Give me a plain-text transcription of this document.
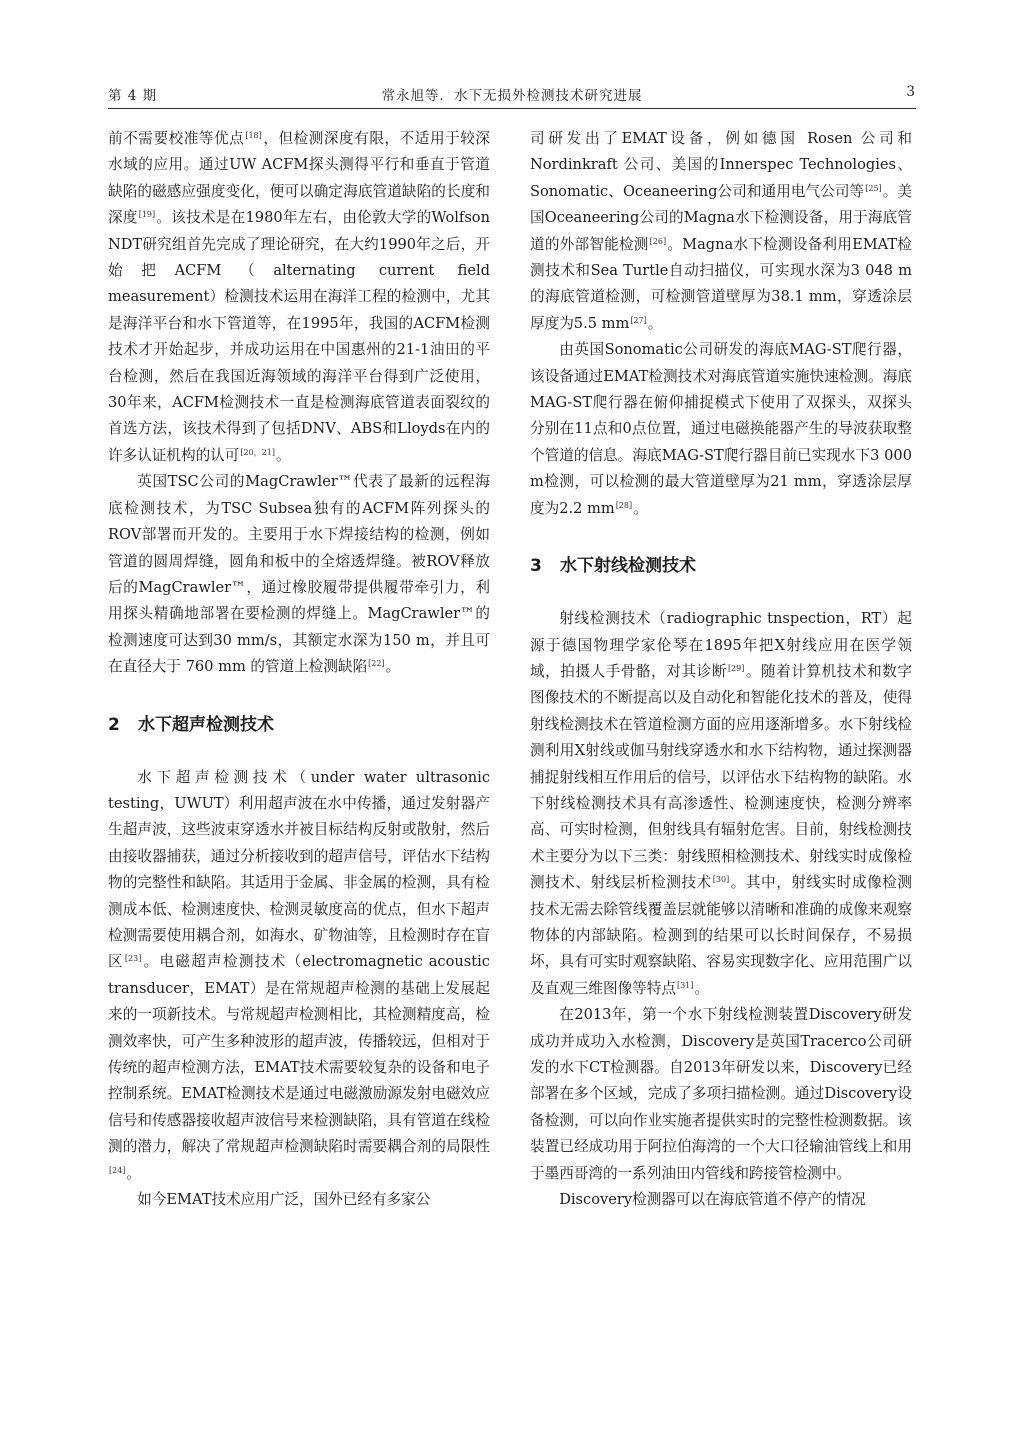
第 4 期	常永旭等．水下无损外检测技术研究进展	3

前不需要校准等优点[18]，但检测深度有限，不适用于较深水域的应用。通过UW ACFM探头测得平行和垂直于管道缺陷的磁感应强度变化，便可以确定海底管道缺陷的长度和深度[19]。该技术是在1980年左右，由伦敦大学的Wolfson NDT研究组首先完成了理论研究，在大约1990年之后，开始把ACFM（alternating current field measurement）检测技术运用在海洋工程的检测中，尤其是海洋平台和水下管道等，在1995年，我国的ACFM检测技术才开始起步，并成功运用在中国惠州的21-1油田的平台检测，然后在我国近海领域的海洋平台得到广泛使用，30年来，ACFM检测技术一直是检测海底管道表面裂纹的首选方法，该技术得到了包括DNV、ABS和Lloyds在内的许多认证机构的认可[20，21]。

英国TSC公司的MagCrawler™代表了最新的远程海底检测技术，为TSC Subsea独有的ACFM阵列探头的ROV部署而开发的。主要用于水下焊接结构的检测，例如管道的圆周焊缝，圆角和板中的全熔透焊缝。被ROV释放后的MagCrawler™，通过橡胶履带提供履带牵引力，利用探头精确地部署在要检测的焊缝上。MagCrawler™的检测速度可达到30 mm/s，其额定水深为150 m，并且可在直径大于 760 mm 的管道上检测缺陷[22]。

2 水下超声检测技术

水下超声检测技术（under water ultrasonic testing，UWUT）利用超声波在水中传播，通过发射器产生超声波，这些波束穿透水并被目标结构反射或散射，然后由接收器捕获，通过分析接收到的超声信号，评估水下结构物的完整性和缺陷。其适用于金属、非金属的检测，具有检测成本低、检测速度快、检测灵敏度高的优点，但水下超声检测需要使用耦合剂，如海水、矿物油等，且检测时存在盲区[23]。电磁超声检测技术（electromagnetic acoustic transducer，EMAT）是在常规超声检测的基础上发展起来的一项新技术。与常规超声检测相比，其检测精度高，检测效率快，可产生多种波形的超声波，传播较远，但相对于传统的超声检测方法，EMAT技术需要较复杂的设备和电子控制系统。EMAT检测技术是通过电磁激励源发射电磁效应信号和传感器接收超声波信号来检测缺陷，具有管道在线检测的潜力，解决了常规超声检测缺陷时需要耦合剂的局限性[24]。

如今EMAT技术应用广泛，国外已经有多家公

司研发出了EMAT设备，例如德国 Rosen 公司和 Nordinkraft 公司、美国的Innerspec Technologies、Sonomatic、Oceaneering公司和通用电气公司等[25]。美国Oceaneering公司的Magna水下检测设备，用于海底管道的外部智能检测[26]。Magna水下检测设备利用EMAT检测技术和Sea Turtle自动扫描仪，可实现水深为3 048 m的海底管道检测，可检测管道壁厚为38.1 mm，穿透涂层厚度为5.5 mm[27]。

由英国Sonomatic公司研发的海底MAG-ST爬行器，该设备通过EMAT检测技术对海底管道实施快速检测。海底MAG-ST爬行器在俯仰捕捉模式下使用了双探头，双探头分别在11点和0点位置，通过电磁换能器产生的导波获取整个管道的信息。海底MAG-ST爬行器目前已实现水下3 000 m检测，可以检测的最大管道壁厚为21 mm，穿透涂层厚度为2.2 mm[28]。

3 水下射线检测技术

射线检测技术（radiographic tnspection，RT）起源于德国物理学家伦琴在1895年把X射线应用在医学领域，拍摄人手骨骼，对其诊断[29]。随着计算机技术和数字图像技术的不断提高以及自动化和智能化技术的普及，使得射线检测技术在管道检测方面的应用逐渐增多。水下射线检测利用X射线或伽马射线穿透水和水下结构物，通过探测器捕捉射线相互作用后的信号，以评估水下结构物的缺陷。水下射线检测技术具有高渗透性、检测速度快，检测分辨率高、可实时检测，但射线具有辐射危害。目前，射线检测技术主要分为以下三类：射线照相检测技术、射线实时成像检测技术、射线层析检测技术[30]。其中，射线实时成像检测技术无需去除管线覆盖层就能够以清晰和准确的成像来观察物体的内部缺陷。检测到的结果可以长时间保存，不易损坏，具有可实时观察缺陷、容易实现数字化、应用范围广以及直观三维图像等特点[31]。

在2013年，第一个水下射线检测装置Discovery研发成功并成功入水检测，Discovery是英国Tracerco公司研发的水下CT检测器。自2013年研发以来，Discovery已经部署在多个区域，完成了多项扫描检测。通过Discovery设备检测，可以向作业实施者提供实时的完整性检测数据。该装置已经成功用于阿拉伯海湾的一个大口径输油管线上和用于墨西哥湾的一系列油田内管线和跨接管检测中。

Discovery检测器可以在海底管道不停产的情况
